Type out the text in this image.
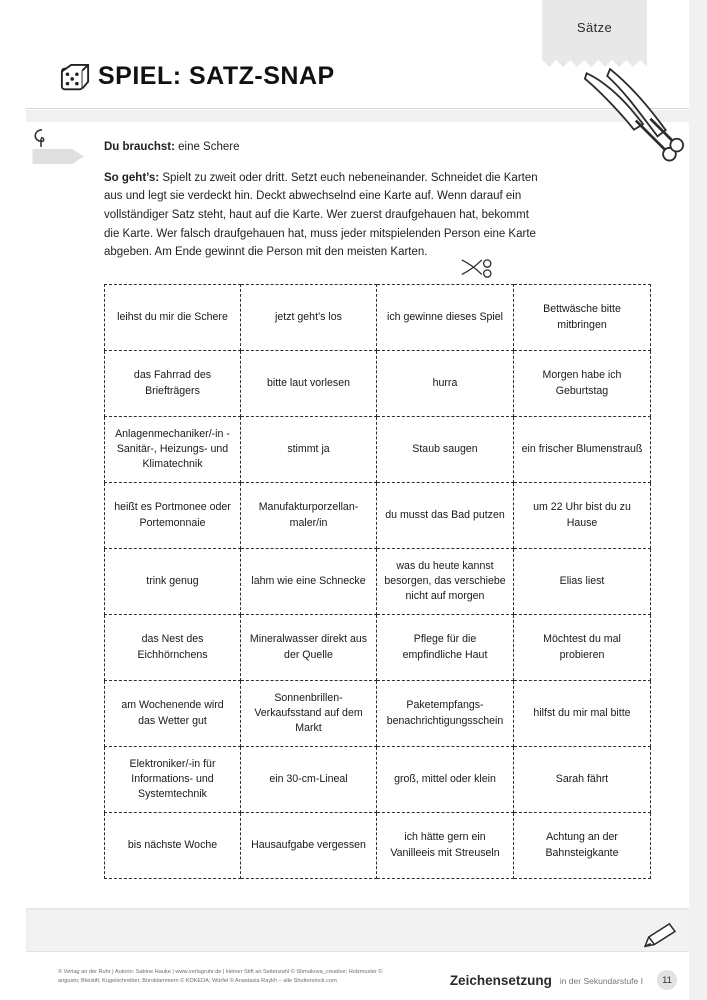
Sätze
SPIEL: SATZ-SNAP

Du brauchst: eine Schere

So geht’s: Spielt zu zweit oder dritt. Setzt euch nebeneinander. Schneidet die Karten aus und legt sie verdeckt hin. Deckt abwechselnd eine Karte auf. Wenn darauf ein vollständiger Satz steht, haut auf die Karte. Wer zuerst draufgehauen hat, bekommt die Karte. Wer falsch draufgehauen hat, muss jeder mitspielenden Person eine Karte abgeben. Am Ende gewinnt die Person mit den meisten Karten.

leihst du mir die Schere	jetzt geht’s los	ich gewinne dieses Spiel	Bettwäsche bitte mitbringen
das Fahrrad des Briefträgers	bitte laut vorlesen	hurra	Morgen habe ich Geburtstag
Anlagenmechaniker/-in - Sanitär-, Heizungs- und Klimatechnik	stimmt ja	Staub saugen	ein frischer Blumenstrauß
heißt es Portmonee oder Portemonnaie	Manufakturporzellan-maler/in	du musst das Bad putzen	um 22 Uhr bist du zu Hause
trink genug	lahm wie eine Schnecke	was du heute kannst besorgen, das verschiebe nicht auf morgen	Elias liest
das Nest des Eichhörnchens	Mineralwasser direkt aus der Quelle	Pflege für die empfindliche Haut	Möchtest du mal probieren
am Wochenende wird das Wetter gut	Sonnenbrillen-Verkaufsstand auf dem Markt	Paketempfangs-benachrichtigungsschein	hilfst du mir mal bitte
Elektroniker/-in für Informations- und Systemtechnik	ein 30-cm-Lineal	groß, mittel oder klein	Sarah fährt
bis nächste Woche	Hausaufgabe vergessen	ich hätte gern ein Vanilleeis mit Streuseln	Achtung an der Bahnsteigkante
© Verlag an der Ruhr | Autorin: Sabine Hauke | www.verlagruhr.de | kleiner Stift an Seitenzahl © Shmakova_creative; Holzmuster © angusto; Bleistift, Kugelschreiber, Büroklammern © KDKEDA; Würfel © Anastasia Raykh – alle Shutterstock.com	Zeichensetzung in der Sekundarstufe I	11
